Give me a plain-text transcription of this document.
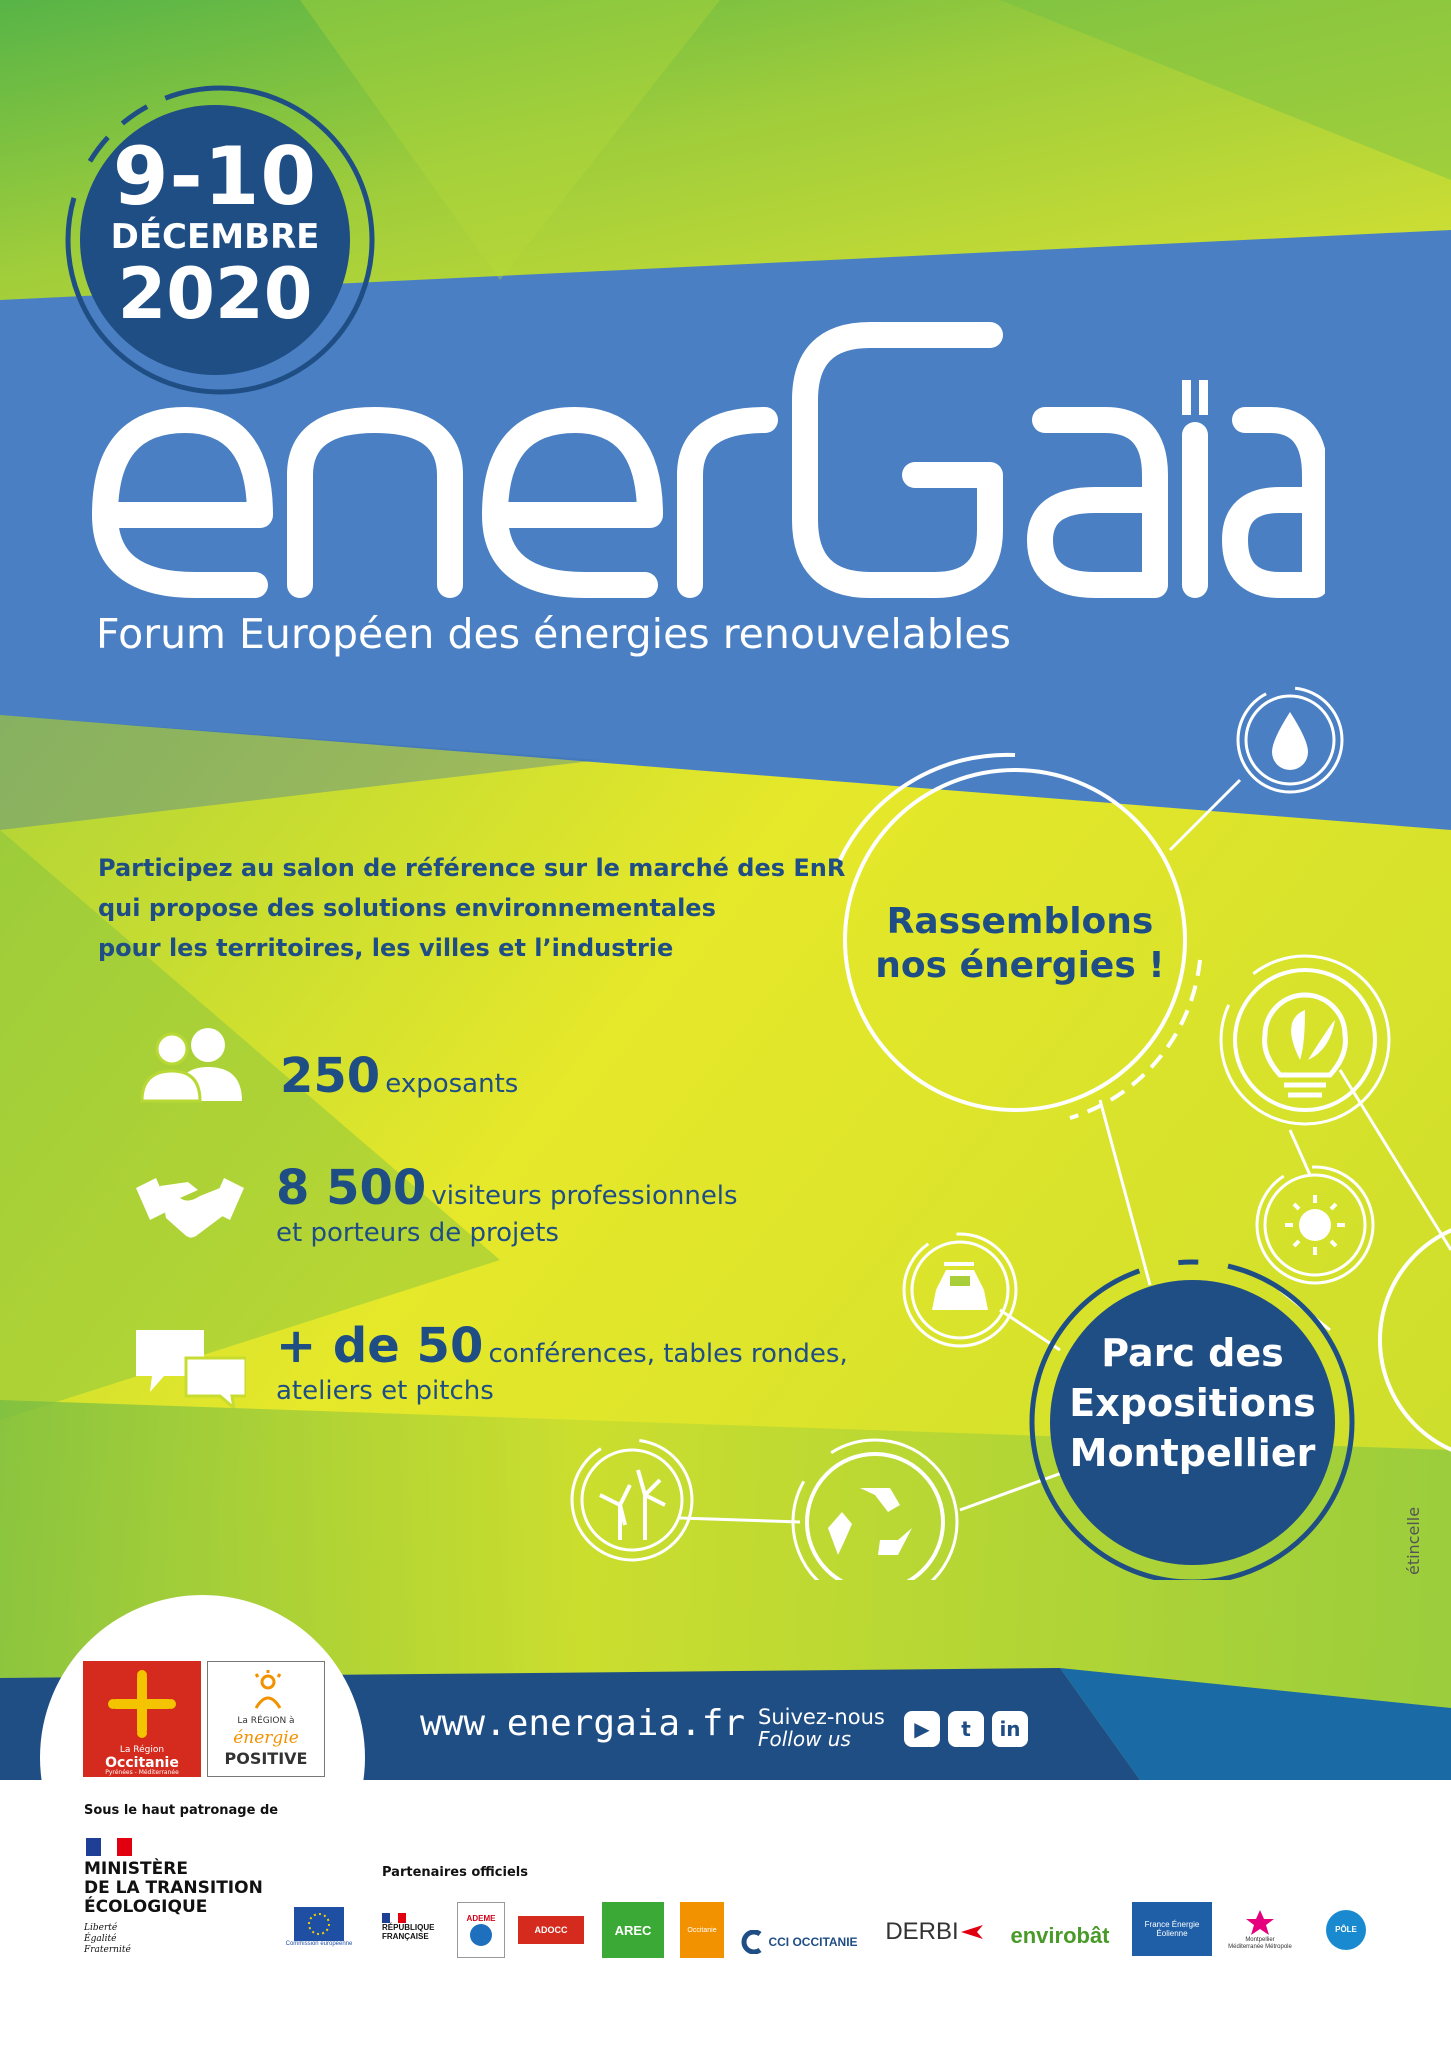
9-10
DÉCEMBRE
2020
Forum Européen des énergies renouvelables
Participez au salon de référence sur le marché des EnR
qui propose des solutions environnementales
pour les territoires, les villes et l’industrie
250 exposants
8 500 visiteurs professionnels
et porteurs de projets
+ de 50 conférences, tables rondes,
ateliers et pitchs
Rassemblons
nos énergies !
Parc des
Expositions
Montpellier
www.energaia.fr Suivez-nous
Follow us	▶	t	in
La Région
Occitanie
Pyrénées - Méditerranée
La RÉGION à
énergie
POSITIVE
étincelle
Sous le haut patronage de
MINISTÈRE
DE LA TRANSITION
ÉCOLOGIQUE
Liberté
Égalité
Fraternité
Partenaires officiels
Commission européenne
RÉPUBLIQUE FRANÇAISE
ADEME
ADOCC	AREC	Occitanie
CCI OCCITANIE DERBI envirobât	France Énergie Éolienne
Montpellier Méditerranée Métropole
PÔLE MER
